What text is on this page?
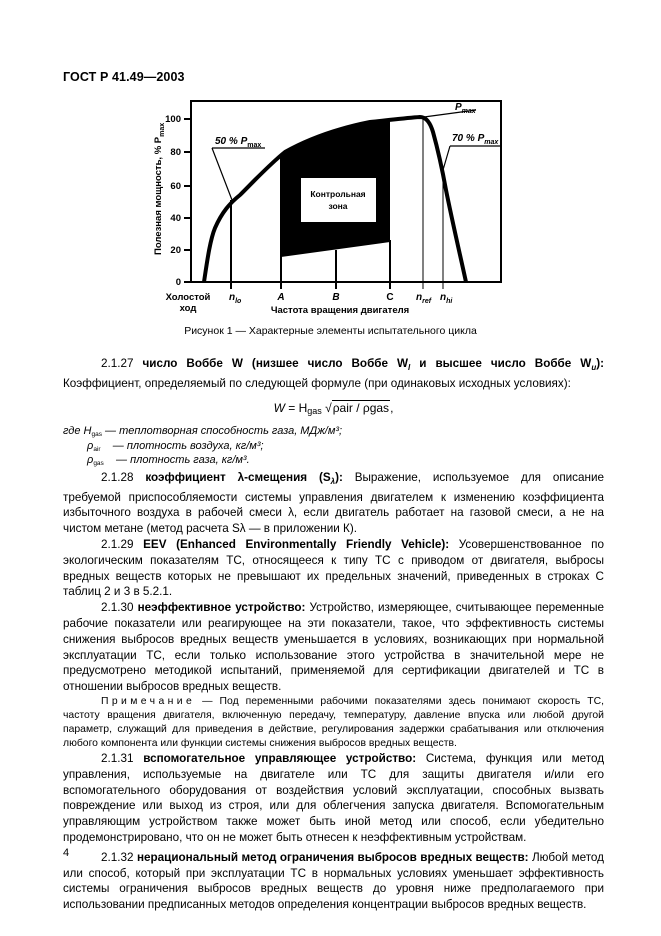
ГОСТ Р 41.49—2003
0
20
40
60
80
100
Полезная мощность, % $P_{max}$
50 % $P_{max}$
$P_{max}$
70 % $P_{max}$
Контрольная
зона
Холостой
ход
$n_{lo}$	A	B	C $n_{ref}$ $n_{hi}$
Частота вращения двигателя
Рисунок 1 — Характерные элементы испытательного цикла

2.1.27 число Воббе W (низшее число Воббе $W_l$ и высшее число Воббе $W_u$): Коэффициент, определяемый по следующей формуле (при одинаковых исходных условиях):

W = Hgas √ρair / ρgas,
где $H_{gas}$ — теплотворная способность газа, МДж/м³;
$\rho_{air}$ — плотность воздуха, кг/м³;
$\rho_{gas}$ — плотность газа, кг/м³.

2.1.28 коэффициент λ-смещения $(S_\lambda)$: Выражение, используемое для описание требуемой приспособляемости системы управления двигателем к изменению коэффициента избыточного воздуха в рабочей смеси λ, если двигатель работает на газовой смеси, а не на чистом метане (метод расчета Sλ — в приложении К).

2.1.29 EEV (Enhanced Environmentally Friendly Vehicle): Усовершенствованное по экологическим показателям ТС, относящееся к типу ТС с приводом от двигателя, выбросы вредных веществ которых не превышают их предельных значений, приведенных в строках С таблиц 2 и 3 в 5.2.1.

2.1.30 неэффективное устройство: Устройство, измеряющее, считывающее переменные рабочие показатели или реагирующее на эти показатели, такое, что эффективность системы снижения выбросов вредных веществ уменьшается в условиях, возникающих при нормальной эксплуатации ТС, если только использование этого устройства в значительной мере не предусмотрено методикой испытаний, применяемой для сертификации двигателей и ТС в отношении выбросов вредных веществ.

Примечание — Под переменными рабочими показателями здесь понимают скорость ТС, частоту вращения двигателя, включенную передачу, температуру, давление впуска или любой другой параметр, служащий для приведения в действие, регулирования задержки срабатывания или отключения любого компонента или функции системы снижения выбросов вредных веществ.

2.1.31 вспомогательное управляющее устройство: Система, функция или метод управления, используемые на двигателе или ТС для защиты двигателя и/или его вспомогательного оборудования от воздействия условий эксплуатации, способных вызвать повреждение или выход из строя, или для облегчения запуска двигателя. Вспомогательным управляющим устройством также может быть иной метод или способ, если убедительно продемонстрировано, что он не может быть отнесен к неэффективным устройствам.

2.1.32 нерациональный метод ограничения выбросов вредных веществ: Любой метод или способ, который при эксплуатации ТС в нормальных условиях уменьшает эффективность системы ограничения выбросов вредных веществ до уровня ниже предполагаемого при использовании предписанных методов определения концентрации выбросов вредных веществ.

4
